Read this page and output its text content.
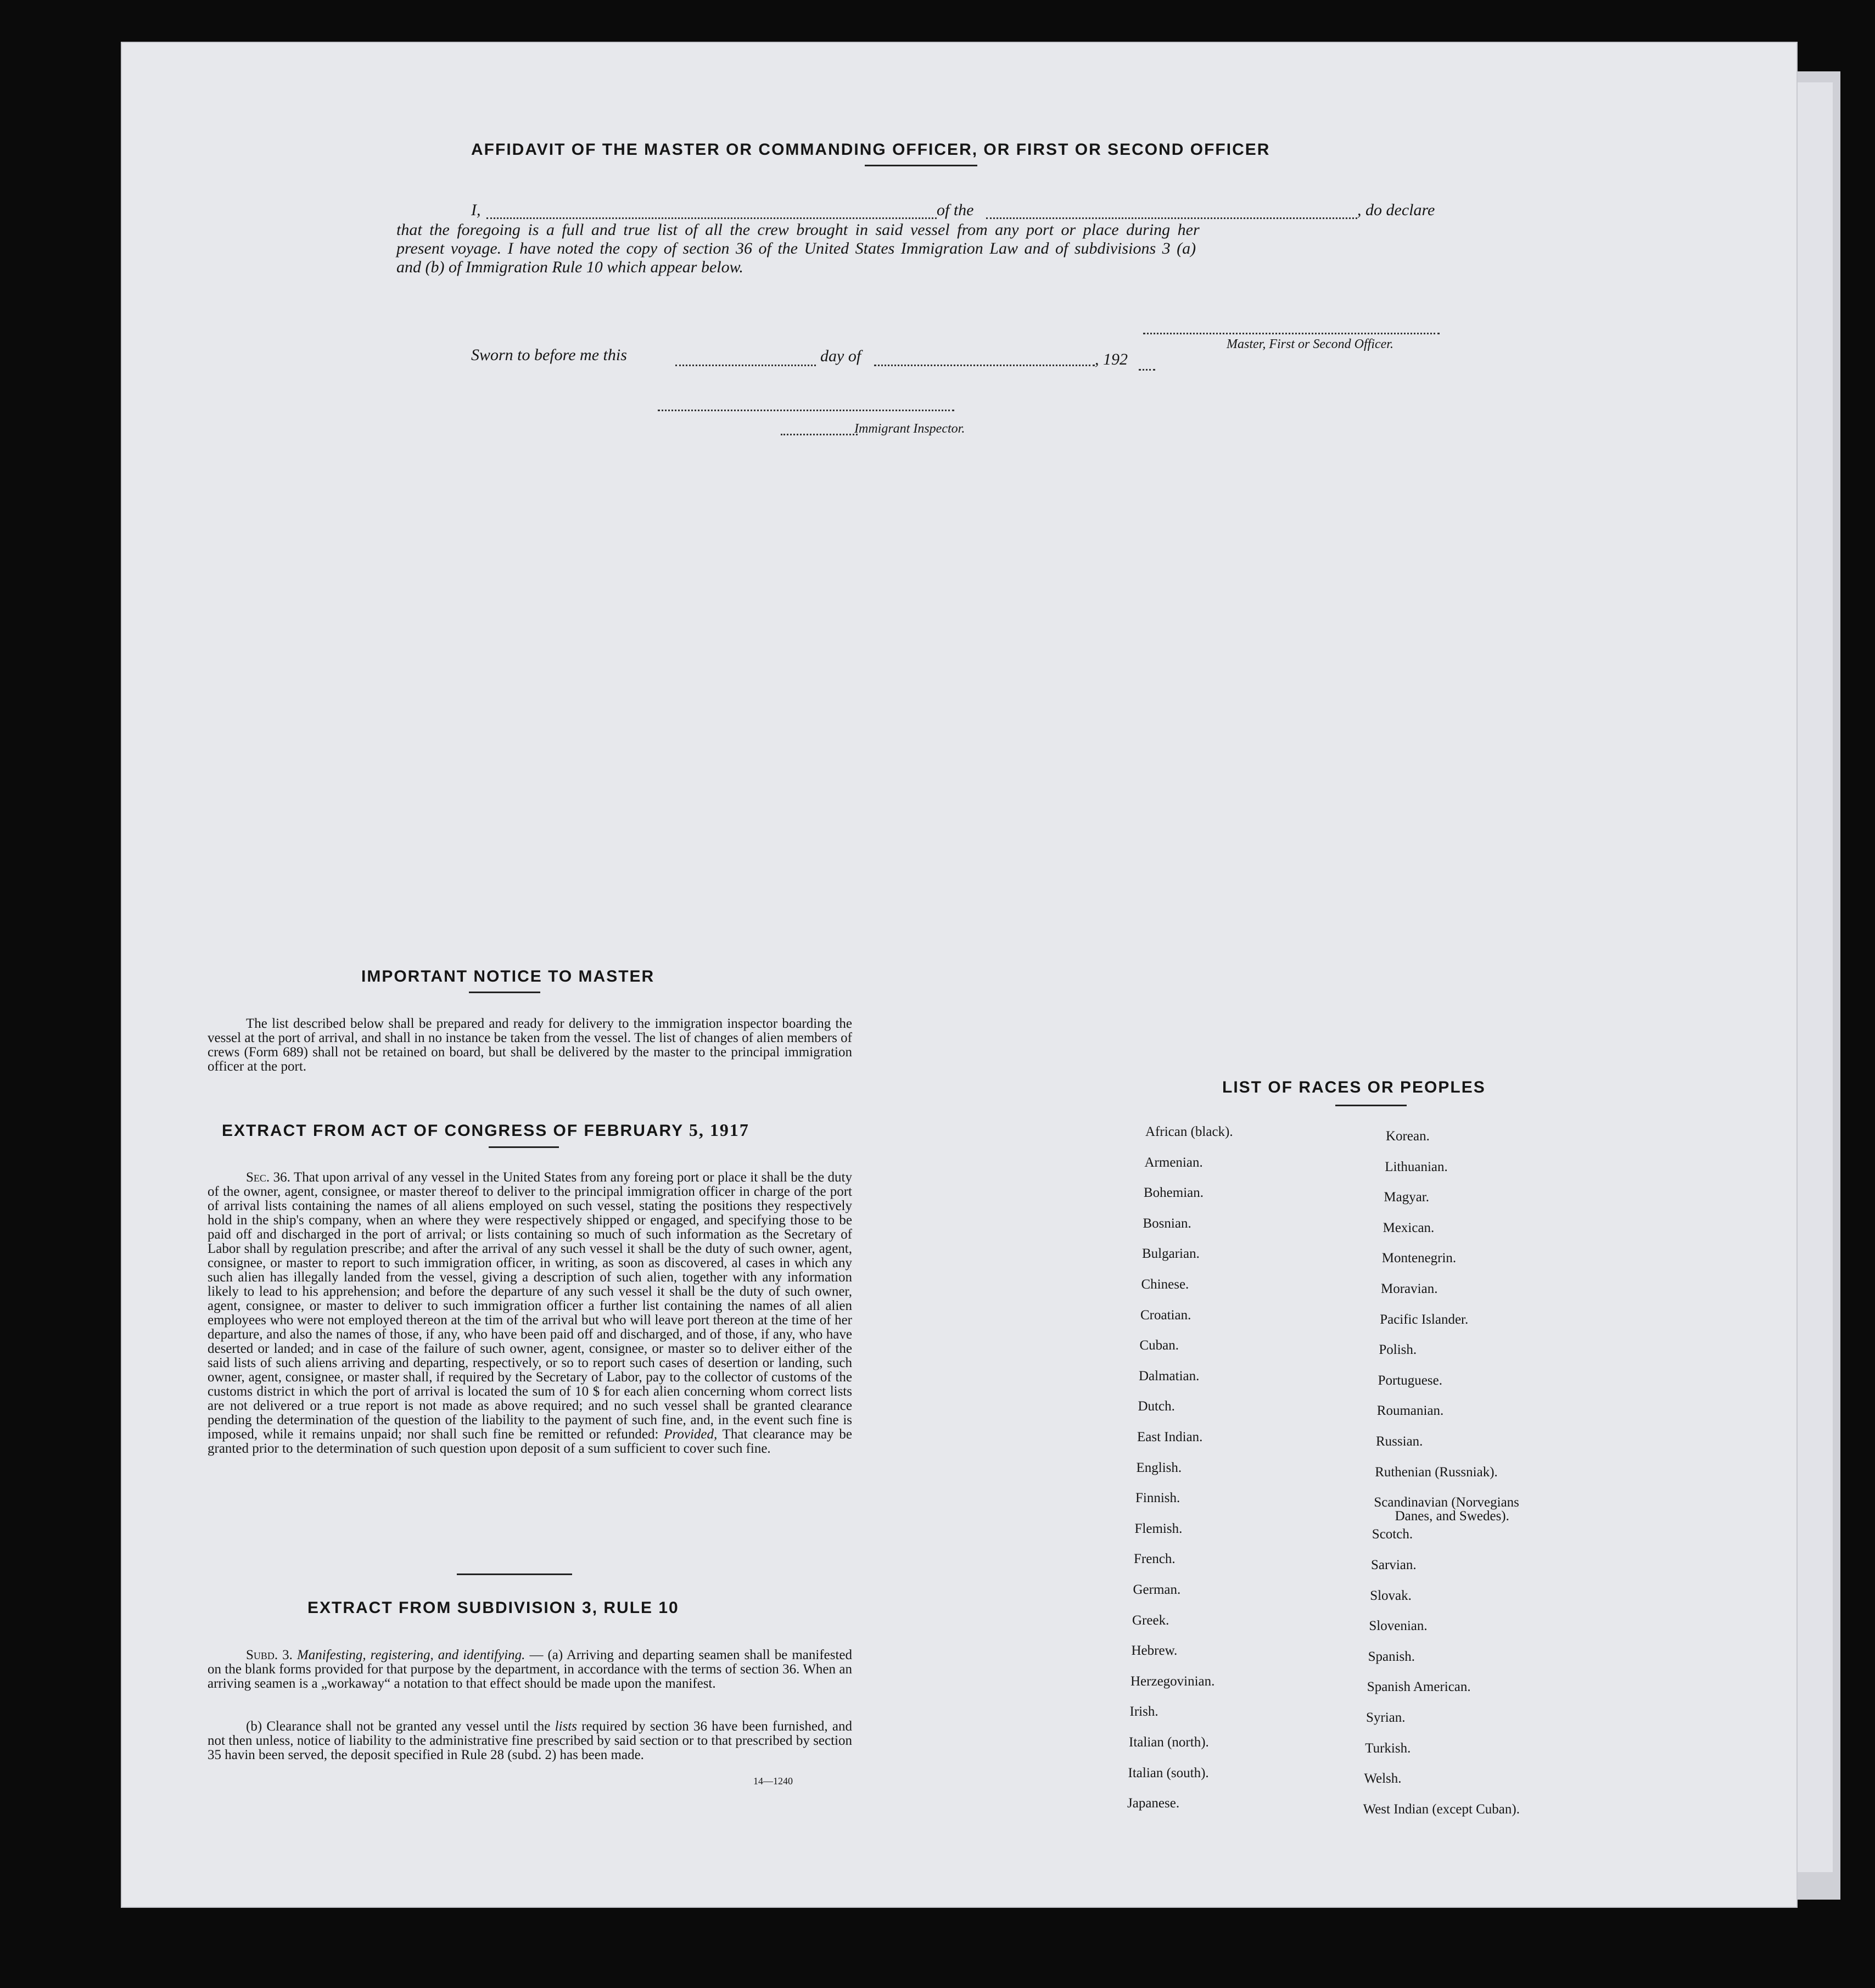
AFFIDAVIT OF THE MASTER OR COMMANDING OFFICER, OR FIRST OR SECOND OFFICER
I,	of the	, do declare
that the foregoing is a full and true list of all the crew brought in said vessel from any port or place during her
present voyage. I have noted the copy of section 36 of the United States Immigration Law and of subdivisions 3 (a)
and (b) of Immigration Rule 10 which appear below.
Master, First or Second Officer.
Sworn to before me this	day of	, 192
Immigrant Inspector.
IMPORTANT NOTICE TO MASTER
The list described below shall be prepared and ready for delivery to the immigration inspector boarding the vessel at the port of arrival, and shall in no instance be taken from the vessel. The list of changes of alien members of crews (Form 689) shall not be retained on board, but shall be delivered by the master to the principal immigration officer at the port.
EXTRACT FROM ACT OF CONGRESS OF FEBRUARY 5, 1917
Sec. 36. That upon arrival of any vessel in the United States from any foreing port or place it shall be the duty of the owner, agent, consignee, or master thereof to deliver to the principal immigration officer in charge of the port of arrival lists containing the names of all aliens employed on such vessel, stating the positions they respectively hold in the ship's company, when an where they were respectively shipped or engaged, and specifying those to be paid off and discharged in the port of arrival; or lists containing so much of such information as the Secretary of Labor shall by regulation prescribe; and after the arrival of any such vessel it shall be the duty of such owner, agent, consignee, or master to report to such immigration officer, in writing, as soon as discovered, al cases in which any such alien has illegally landed from the vessel, giving a description of such alien, together with any information likely to lead to his apprehension; and before the departure of any such vessel it shall be the duty of such owner, agent, consignee, or master to deliver to such immigration officer a further list containing the names of all alien employees who were not employed thereon at the tim of the arrival but who will leave port thereon at the time of her departure, and also the names of those, if any, who have been paid off and discharged, and of those, if any, who have deserted or landed; and in case of the failure of such owner, agent, consignee, or master so to deliver either of the said lists of such aliens arriving and departing, respectively, or so to report such cases of desertion or landing, such owner, agent, consignee, or master shall, if required by the Secretary of Labor, pay to the collector of customs of the customs district in which the port of arrival is located the sum of 10 $ for each alien concerning whom correct lists are not delivered or a true report is not made as above required; and no such vessel shall be granted clearance pending the determination of the question of the liability to the payment of such fine, and, in the event such fine is imposed, while it remains unpaid; nor shall such fine be remitted or refunded: Provided, That clearance may be granted prior to the determination of such question upon deposit of a sum sufficient to cover such fine.
EXTRACT FROM SUBDIVISION 3, RULE 10
Subd. 3. Manifesting, registering, and identifying. — (a) Arriving and departing seamen shall be manifested on the blank forms provided for that purpose by the department, in accordance with the terms of section 36. When an arriving seamen is a „workaway“ a notation to that effect should be made upon the manifest.
(b) Clearance shall not be granted any vessel until the lists required by section 36 have been furnished, and not then unless, notice of liability to the administrative fine prescribed by said section or to that prescribed by section 35 havin been served, the deposit specified in Rule 28 (subd. 2) has been made.
14—1240
LIST OF RACES OR PEOPLES
African (black).
Armenian.
Bohemian.
Bosnian.
Bulgarian.
Chinese.
Croatian.
Cuban.
Dalmatian.
Dutch.
East Indian.
English.
Finnish.
Flemish.
French.
German.
Greek.
Hebrew.
Herzegovinian.
Irish.
Italian (north).
Italian (south).
Japanese.
Korean.
Lithuanian.
Magyar.
Mexican.
Montenegrin.
Moravian.
Pacific Islander.
Polish.
Portuguese.
Roumanian.
Russian.
Ruthenian (Russniak).
Scandinavian (Norvegians
Danes, and Swedes).
Scotch.
Sarvian.
Slovak.
Slovenian.
Spanish.
Spanish American.
Syrian.
Turkish.
Welsh.
West Indian (except Cuban).
